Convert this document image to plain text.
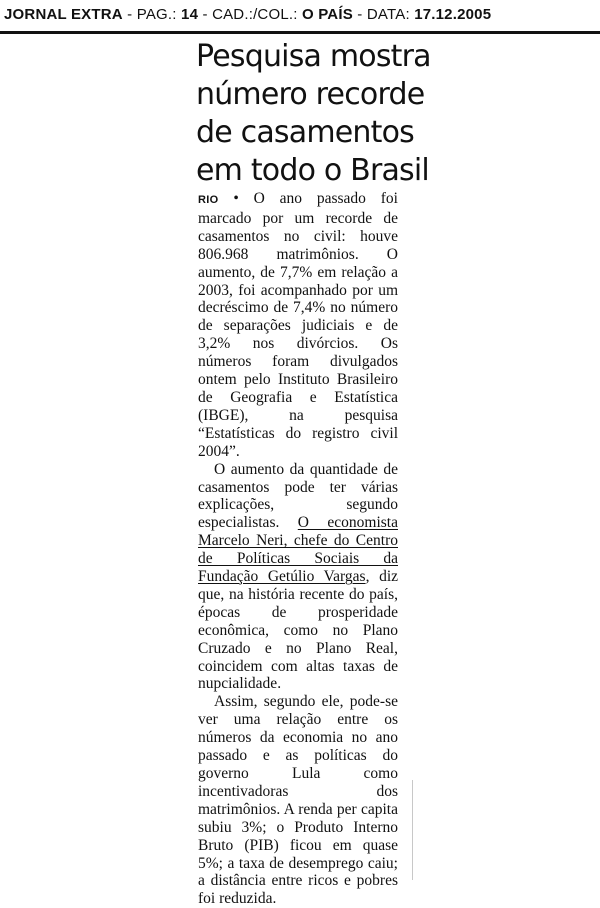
JORNAL EXTRA - PAG.: 14 - CAD.:/COL.: O PAÍS - DATA: 17.12.2005
Pesquisa mostra número recorde de casamentos em todo o Brasil

RIO • O ano passado foi marcado por um recorde de casamentos no civil: houve 806.968 matrimônios. O aumento, de 7,7% em relação a 2003, foi acompanhado por um decréscimo de 7,4% no número de separações judiciais e de 3,2% nos divórcios. Os números foram divulgados ontem pelo Instituto Brasileiro de Geografia e Estatística (IBGE), na pesquisa “Estatísticas do registro civil 2004”.

O aumento da quantidade de casamentos pode ter várias explicações, segundo especialistas. O economista Marcelo Neri, chefe do Centro de Políticas Sociais da Fundação Getúlio Vargas, diz que, na história recente do país, épocas de prosperidade econômica, como no Plano Cruzado e no Plano Real, coincidem com altas taxas de nupcialidade.

Assim, segundo ele, pode-se ver uma relação entre os números da economia no ano passado e as políticas do governo Lula como incentivadoras dos matrimônios. A renda per capita subiu 3%; o Produto Interno Bruto (PIB) ficou em quase 5%; a taxa de desemprego caiu; a distância entre ricos e pobres foi reduzida.
